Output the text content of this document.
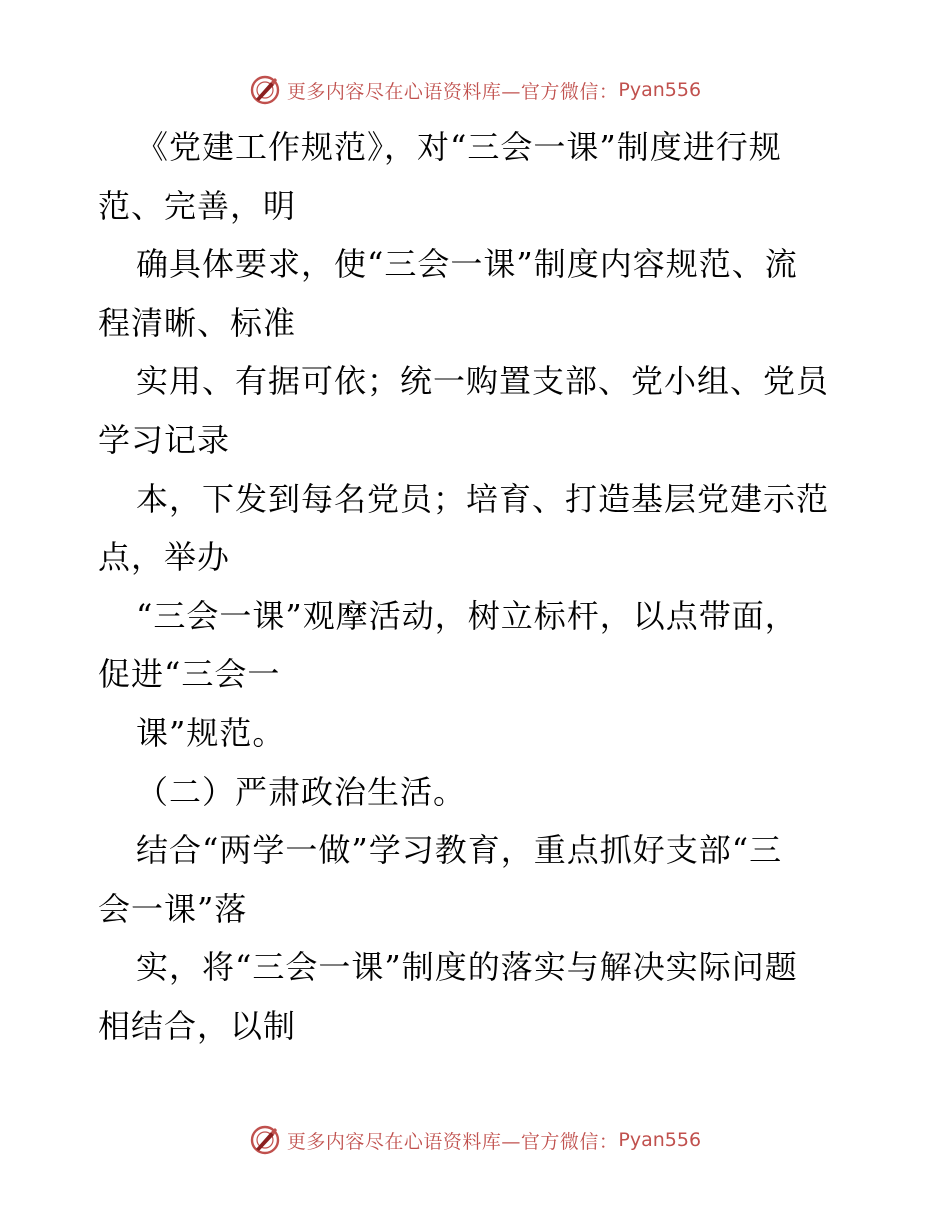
更多内容尽在心语资料库—官方微信： Pyan556
《党建工作规范》，对“三会一课”制度进行规
范、完善，明
确具体要求，使“三会一课”制度内容规范、流
程清晰、标准
实用、有据可依；统一购置支部、党小组、党员
学习记录
本，下发到每名党员；培育、打造基层党建示范
点，举办
“三会一课”观摩活动，树立标杆，以点带面，
促进“三会一
课”规范。
（二）严肃政治生活。
结合“两学一做”学习教育，重点抓好支部“三
会一课”落
实，将“三会一课”制度的落实与解决实际问题
相结合，以制
更多内容尽在心语资料库—官方微信： Pyan556
